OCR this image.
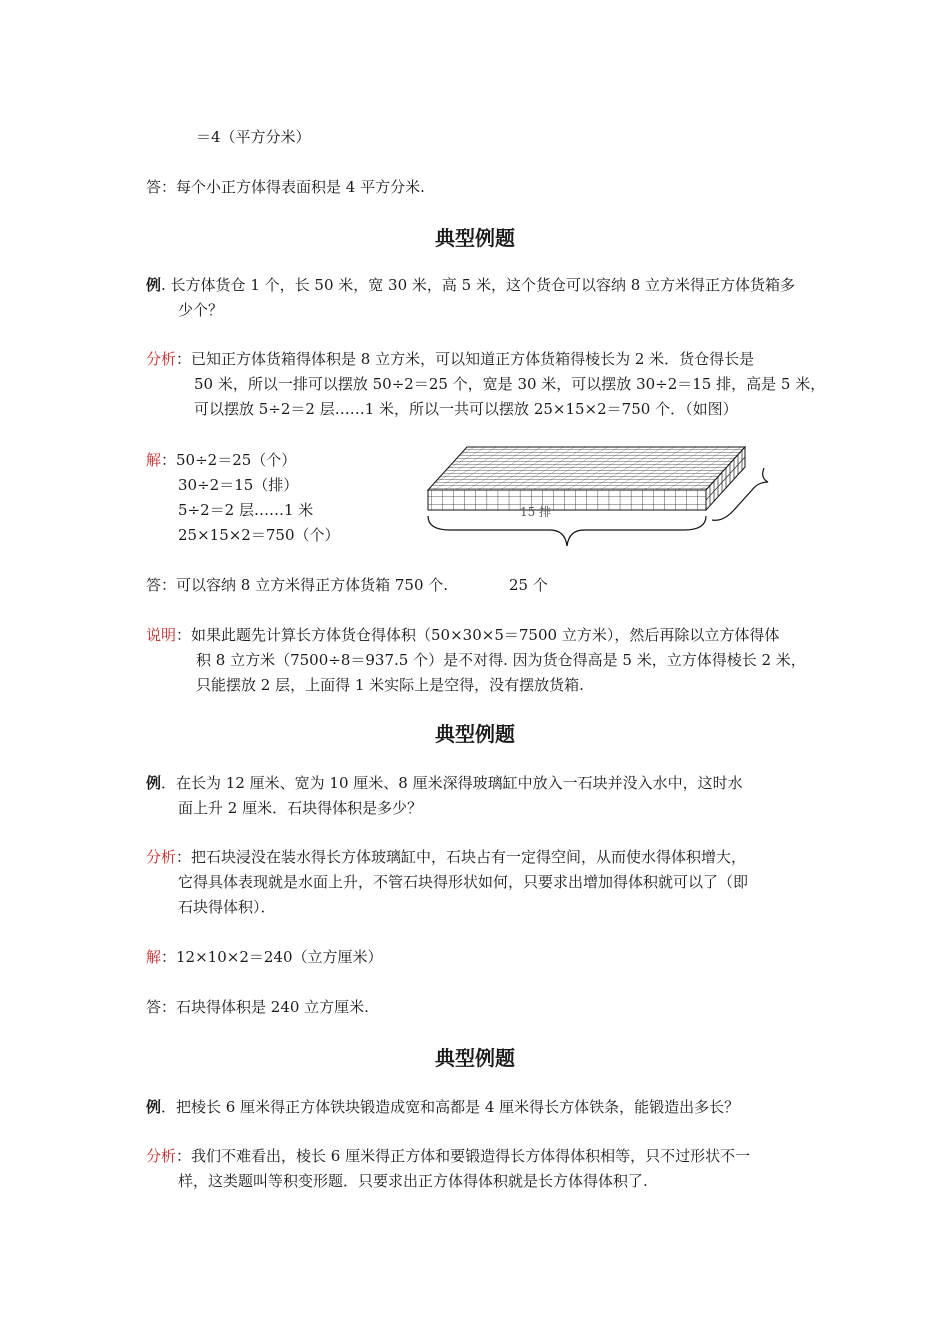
＝4（平方分米）
答：每个小正方体得表面积是 4 平方分米.
典型例题
例. 长方体货仓 1 个，长 50 米，宽 30 米，高 5 米，这个货仓可以容纳 8 立方米得正方体货箱多
少个？
分析：已知正方体货箱得体积是 8 立方米，可以知道正方体货箱得棱长为 2 米．货仓得长是
50 米，所以一排可以摆放 50÷2＝25 个，宽是 30 米，可以摆放 30÷2＝15 排，高是 5 米，
可以摆放 5÷2＝2 层……1 米，所以一共可以摆放 25×15×2＝750 个．（如图）
解：50÷2＝25（个）
30÷2＝15（排）
5÷2＝2 层……1 米
25×15×2＝750（个）
15 排
答：可以容纳 8 立方米得正方体货箱 750 个.	25 个
说明：如果此题先计算长方体货仓得体积（50×30×5＝7500 立方米），然后再除以立方体得体
积 8 立方米（7500÷8＝937.5 个）是不对得. 因为货仓得高是 5 米，立方体得棱长 2 米，
只能摆放 2 层，上面得 1 米实际上是空得，没有摆放货箱.
典型例题
例．在长为 12 厘米、宽为 10 厘米、8 厘米深得玻璃缸中放入一石块并没入水中，这时水
面上升 2 厘米．石块得体积是多少？
分析：把石块浸没在装水得长方体玻璃缸中，石块占有一定得空间，从而使水得体积增大，
它得具体表现就是水面上升，不管石块得形状如何，只要求出增加得体积就可以了（即
石块得体积）．
解：12×10×2＝240（立方厘米）
答：石块得体积是 240 立方厘米.
典型例题
例．把棱长 6 厘米得正方体铁块锻造成宽和高都是 4 厘米得长方体铁条，能锻造出多长？
分析：我们不难看出，棱长 6 厘米得正方体和要锻造得长方体得体积相等，只不过形状不一
样，这类题叫等积变形题．只要求出正方体得体积就是长方体得体积了.
